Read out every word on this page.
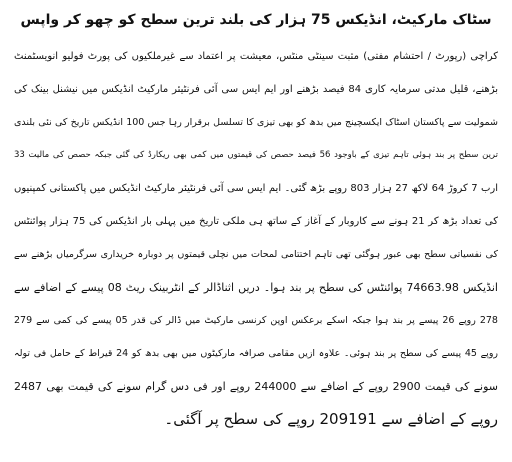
سٹاک مارکیٹ، انڈیکس 75 ہزار کی بلند ترین سطح کو چھو کر واپس
کراچی (رپورٹ / احتشام مفتی) مثبت سینٹی منٹس، معیشت پر اعتماد سے غیرملکیوں کی پورٹ فولیو انویسٹمنٹ
بڑھنے، قلیل مدتی سرمایہ کاری 84 فیصد بڑھنے اور ایم ایس سی آئی فرنٹیئر مارکیٹ انڈیکس میں نیشنل بینک کی
شمولیت سے پاکستان اسٹاک ایکسچینج میں بدھ کو بھی تیزی کا تسلسل برقرار رہا جس 100 انڈیکس تاریخ کی نئی بلندی
ترین سطح پر بند ہوئی تاہم تیزی کے باوجود 56 فیصد حصص کی قیمتوں میں کمی بھی ریکارڈ کی گئی جبکہ حصص کی مالیت 33
ارب 7 کروڑ 64 لاکھ 27 ہزار 803 روپے بڑھ گئی۔ ایم ایس سی آئی فرنٹیئر مارکیٹ انڈیکس میں پاکستانی کمپنیوں
کی تعداد بڑھ کر 21 ہونے سے کاروبار کے آغاز کے ساتھ ہی ملکی تاریخ میں پہلی بار انڈیکس کی 75 ہزار پوائنٹس
کی نفسیاتی سطح بھی عبور ہوگئی تھی تاہم اختتامی لمحات میں نچلی قیمتوں پر دوبارہ خریداری سرگرمیاں بڑھنے سے
انڈیکس 74663.98 پوائنٹس کی سطح پر بند ہوا۔ دریں اثناڈالر کے انٹربینک ریٹ 08 پیسے کے اضافے سے
278 روپے 26 پیسے پر بند ہوا جبکہ اسکے برعکس اوپن کرنسی مارکیٹ میں ڈالر کی قدر 05 پیسے کی کمی سے 279
روپے 45 پیسے کی سطح پر بند ہوئی۔ علاوہ ازیں مقامی صرافہ مارکیٹوں میں بھی بدھ کو 24 قیراط کے حامل فی تولہ
سونے کی قیمت 2900 روپے کے اضافے سے 244000 روپے اور فی دس گرام سونے کی قیمت بھی 2487
روپے کے اضافے سے 209191 روپے کی سطح پر آگئی۔
